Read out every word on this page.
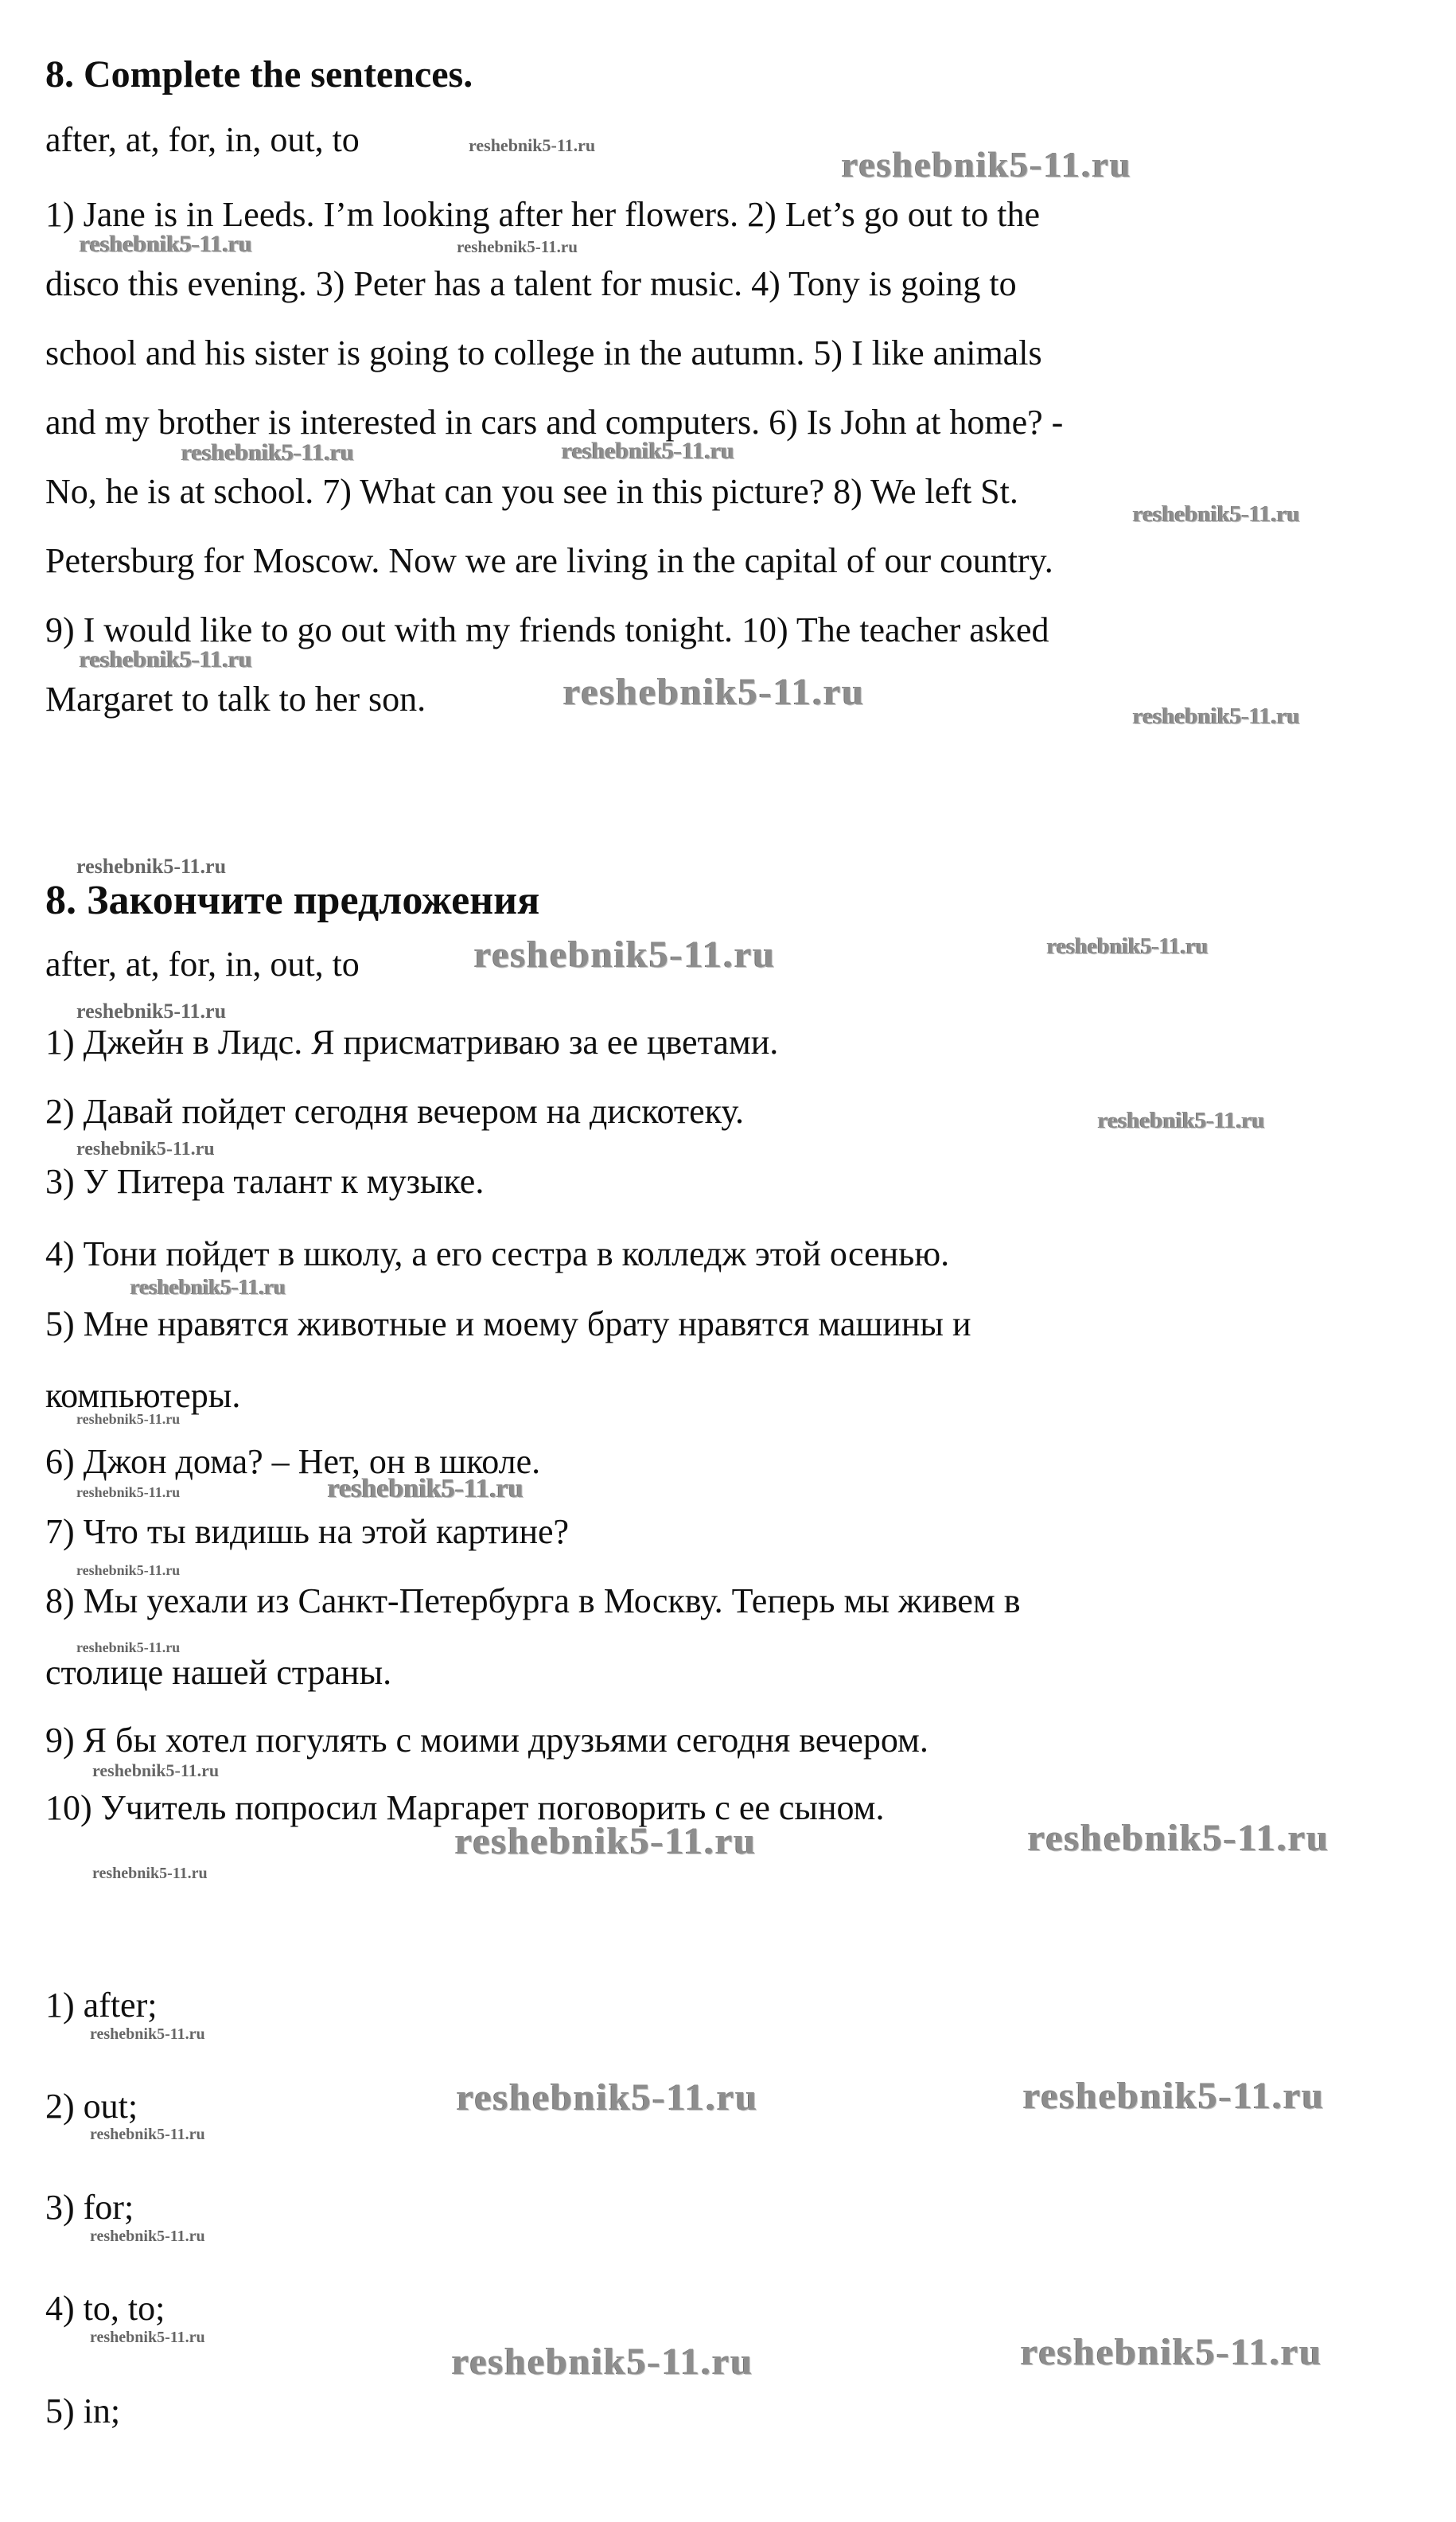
8. Complete the sentences.
after, at, for, in, out, to
1) Jane is in Leeds. I’m looking after her flowers. 2) Let’s go out to the
disco this evening. 3) Peter has a talent for music. 4) Tony is going to
school and his sister is going to college in the autumn. 5) I like animals
and my brother is interested in cars and computers. 6) Is John at home? -
No, he is at school. 7) What can you see in this picture? 8) We left St.
Petersburg for Moscow. Now we are living in the capital of our country.
9) I would like to go out with my friends tonight. 10) The teacher asked
Margaret to talk to her son.
8. Закончите предложения
after, at, for, in, out, to
1) Джейн в Лидс. Я присматриваю за ее цветами.
2) Давай пойдет сегодня вечером на дискотеку.
3) У Питера талант к музыке.
4) Тони пойдет в школу, а его сестра в колледж этой осенью.
5) Мне нравятся животные и моему брату нравятся машины и
компьютеры.
6) Джон дома? – Нет, он в школе.
7) Что ты видишь на этой картине?
8) Мы уехали из Санкт-Петербурга в Москву. Теперь мы живем в
столице нашей страны.
9) Я бы хотел погулять с моими друзьями сегодня вечером.
10) Учитель попросил Маргарет поговорить с ее сыном.
1) after;
2) out;
3) for;
4) to, to;
5) in;
reshebnik5-11.ru	reshebnik5-11.ru
reshebnik5-11.ru	reshebnik5-11.ru
reshebnik5-11.ru	reshebnik5-11.ru
reshebnik5-11.ru
reshebnik5-11.ru
reshebnik5-11.ru
reshebnik5-11.ru
reshebnik5-11.ru
reshebnik5-11.ru	reshebnik5-11.ru
reshebnik5-11.ru
reshebnik5-11.ru
reshebnik5-11.ru
reshebnik5-11.ru
reshebnik5-11.ru
reshebnik5-11.ru	reshebnik5-11.ru
reshebnik5-11.ru
reshebnik5-11.ru
reshebnik5-11.ru
reshebnik5-11.ru	reshebnik5-11.ru
reshebnik5-11.ru
reshebnik5-11.ru
reshebnik5-11.ru	reshebnik5-11.ru
reshebnik5-11.ru
reshebnik5-11.ru
reshebnik5-11.ru
reshebnik5-11.ru	reshebnik5-11.ru
